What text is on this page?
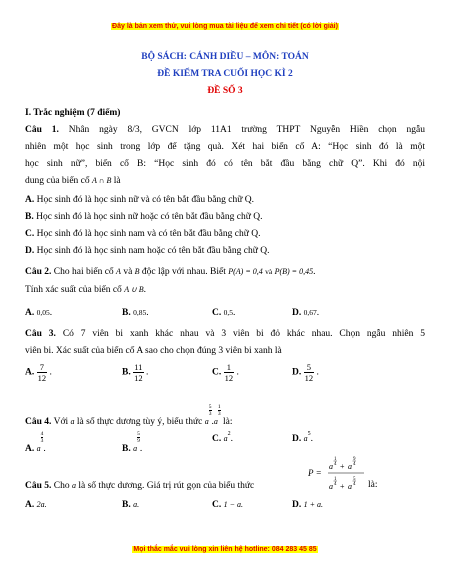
Đây là bản xem thử, vui lòng mua tài liệu để xem chi tiết (có lời giải)
BỘ SÁCH: CÁNH DIỀU – MÔN: TOÁN
ĐỀ KIỂM TRA CUỐI HỌC KÌ 2
ĐỀ SỐ 3
I. Trắc nghiệm (7 điểm)
Câu 1. Nhân ngày 8/3, GVCN lớp 11A1 trường THPT Nguyễn Hiền chọn ngẫu
nhiên một học sinh trong lớp để tặng quà. Xét hai biến cố A: “Học sinh đó là một
học sinh nữ”, biến cố B: “Học sinh đó có tên bắt đầu bằng chữ Q”. Khi đó nội
dung của biến cố A ∩ B là
A. Học sinh đó là học sinh nữ và có tên bắt đầu bằng chữ Q.
B. Học sinh đó là học sinh nữ hoặc có tên bắt đầu bằng chữ Q.
C. Học sinh đó là học sinh nam và có tên bắt đầu bằng chữ Q.
D. Học sinh đó là học sinh nam hoặc có tên bắt đầu bằng chữ Q.
Câu 2. Cho hai biến cố A và B độc lập với nhau. Biết P(A) = 0,4 và P(B) = 0,45.
Tính xác suất của biến cố A ∪ B.
A. 0,05.	B. 0,85.	C. 0,5.	D. 0,67.
Câu 3. Có 7 viên bi xanh khác nhau và 3 viên bi đỏ khác nhau. Chọn ngẫu nhiên 5
viên bi. Xác suất của biến cố A sao cho chọn đúng 3 viên bi xanh là
A. $\frac{7}{12}$ .	B. $\frac{11}{12}$ .	C. $\frac{1}{12}$ .	D. $\frac{5}{12}$ .
Câu 4. Với a là số thực dương tùy ý, biểu thức a
$\frac{5}{3}$
.a
$\frac{1}{3}$
là:
A. a
$\frac{4}{3}$
.	B. a
$\frac{5}{9}$
.
C. $a^2$.	D. $a^5$.
P =
a
1
4 + a
9
4
a
1
4 + a
5
4
Câu 5. Cho a là số thực dương. Giá trị rút gọn của biểu thức	là:
A. 2a.	B. a.	C. 1 − a.	D. 1 + a.
Mọi thắc mắc vui lòng xin liên hệ hotline: 084 283 45 85
